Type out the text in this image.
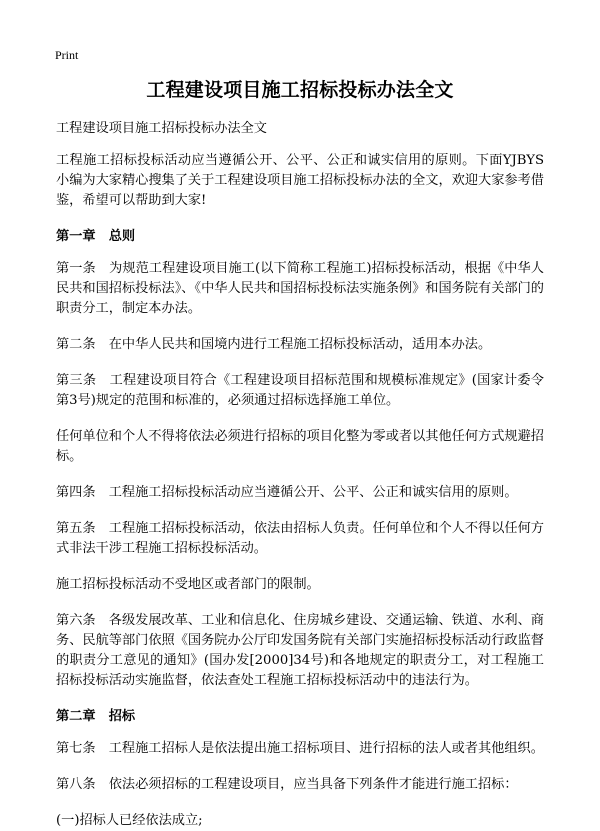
Print
工程建设项目施工招标投标办法全文

工程建设项目施工招标投标办法全文

工程施工招标投标活动应当遵循公开、公平、公正和诚实信用的原则。下面YJBYS小编为大家精心搜集了关于工程建设项目施工招标投标办法的全文，欢迎大家参考借鉴，希望可以帮助到大家!

第一章　总则

第一条　为规范工程建设项目施工(以下简称工程施工)招标投标活动，根据《中华人民共和国招标投标法》、《中华人民共和国招标投标法实施条例》和国务院有关部门的职责分工，制定本办法。

第二条　在中华人民共和国境内进行工程施工招标投标活动，适用本办法。

第三条　工程建设项目符合《工程建设项目招标范围和规模标准规定》(国家计委令第3号)规定的范围和标准的，必须通过招标选择施工单位。

任何单位和个人不得将依法必须进行招标的项目化整为零或者以其他任何方式规避招标。

第四条　工程施工招标投标活动应当遵循公开、公平、公正和诚实信用的原则。

第五条　工程施工招标投标活动，依法由招标人负责。任何单位和个人不得以任何方式非法干涉工程施工招标投标活动。

施工招标投标活动不受地区或者部门的限制。

第六条　各级发展改革、工业和信息化、住房城乡建设、交通运输、铁道、水利、商务、民航等部门依照《国务院办公厅印发国务院有关部门实施招标投标活动行政监督的职责分工意见的通知》(国办发[2000]34号)和各地规定的职责分工，对工程施工招标投标活动实施监督，依法查处工程施工招标投标活动中的违法行为。

第二章　招标

第七条　工程施工招标人是依法提出施工招标项目、进行招标的法人或者其他组织。

第八条　依法必须招标的工程建设项目，应当具备下列条件才能进行施工招标：

(一)招标人已经依法成立;
